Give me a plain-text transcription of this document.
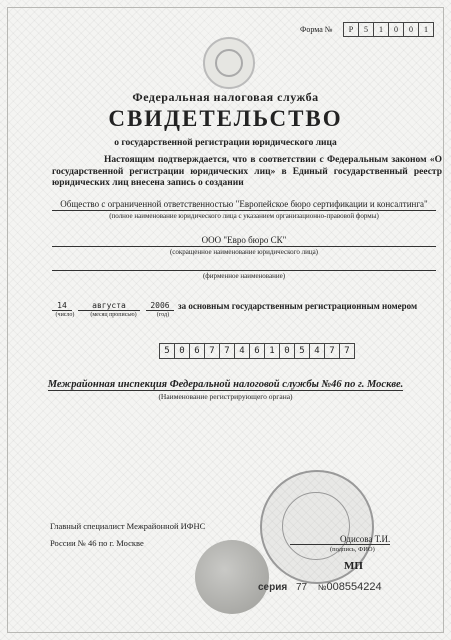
Форма №	Р	5	1	0	0	1
Федеральная налоговая служба
СВИДЕТЕЛЬСТВО
о государственной регистрации юридического лица
Настоящим подтверждается, что в соответствии с Федеральным законом «О государственной регистрации юридических лиц» в Единый государственный реестр юридических лиц внесена запись о создании
Общество с ограниченной ответственностью "Европейское бюро сертификации и консалтинга"
(полное наименование юридического лица с указанием организационно-правовой формы)
ООО "Евро бюро СК"
(сокращенное наименование юридического лица)
(фирменное наименование)
14	августа	2006 за основным государственным регистрационным номером
(число)	(месяц прописью)	(год)
5	0	6	7	7	4	6	1	0	5	4	7	7
Межрайонная инспекция Федеральной налоговой службы №46 по г. Москве.
(Наименование регистрирующего органа)
Главный специалист Межрайонной ИФНС
России № 46 по г. Москве	Одисова Т.И.
(подпись, ФИО)
МП
серия 77 №008554224
